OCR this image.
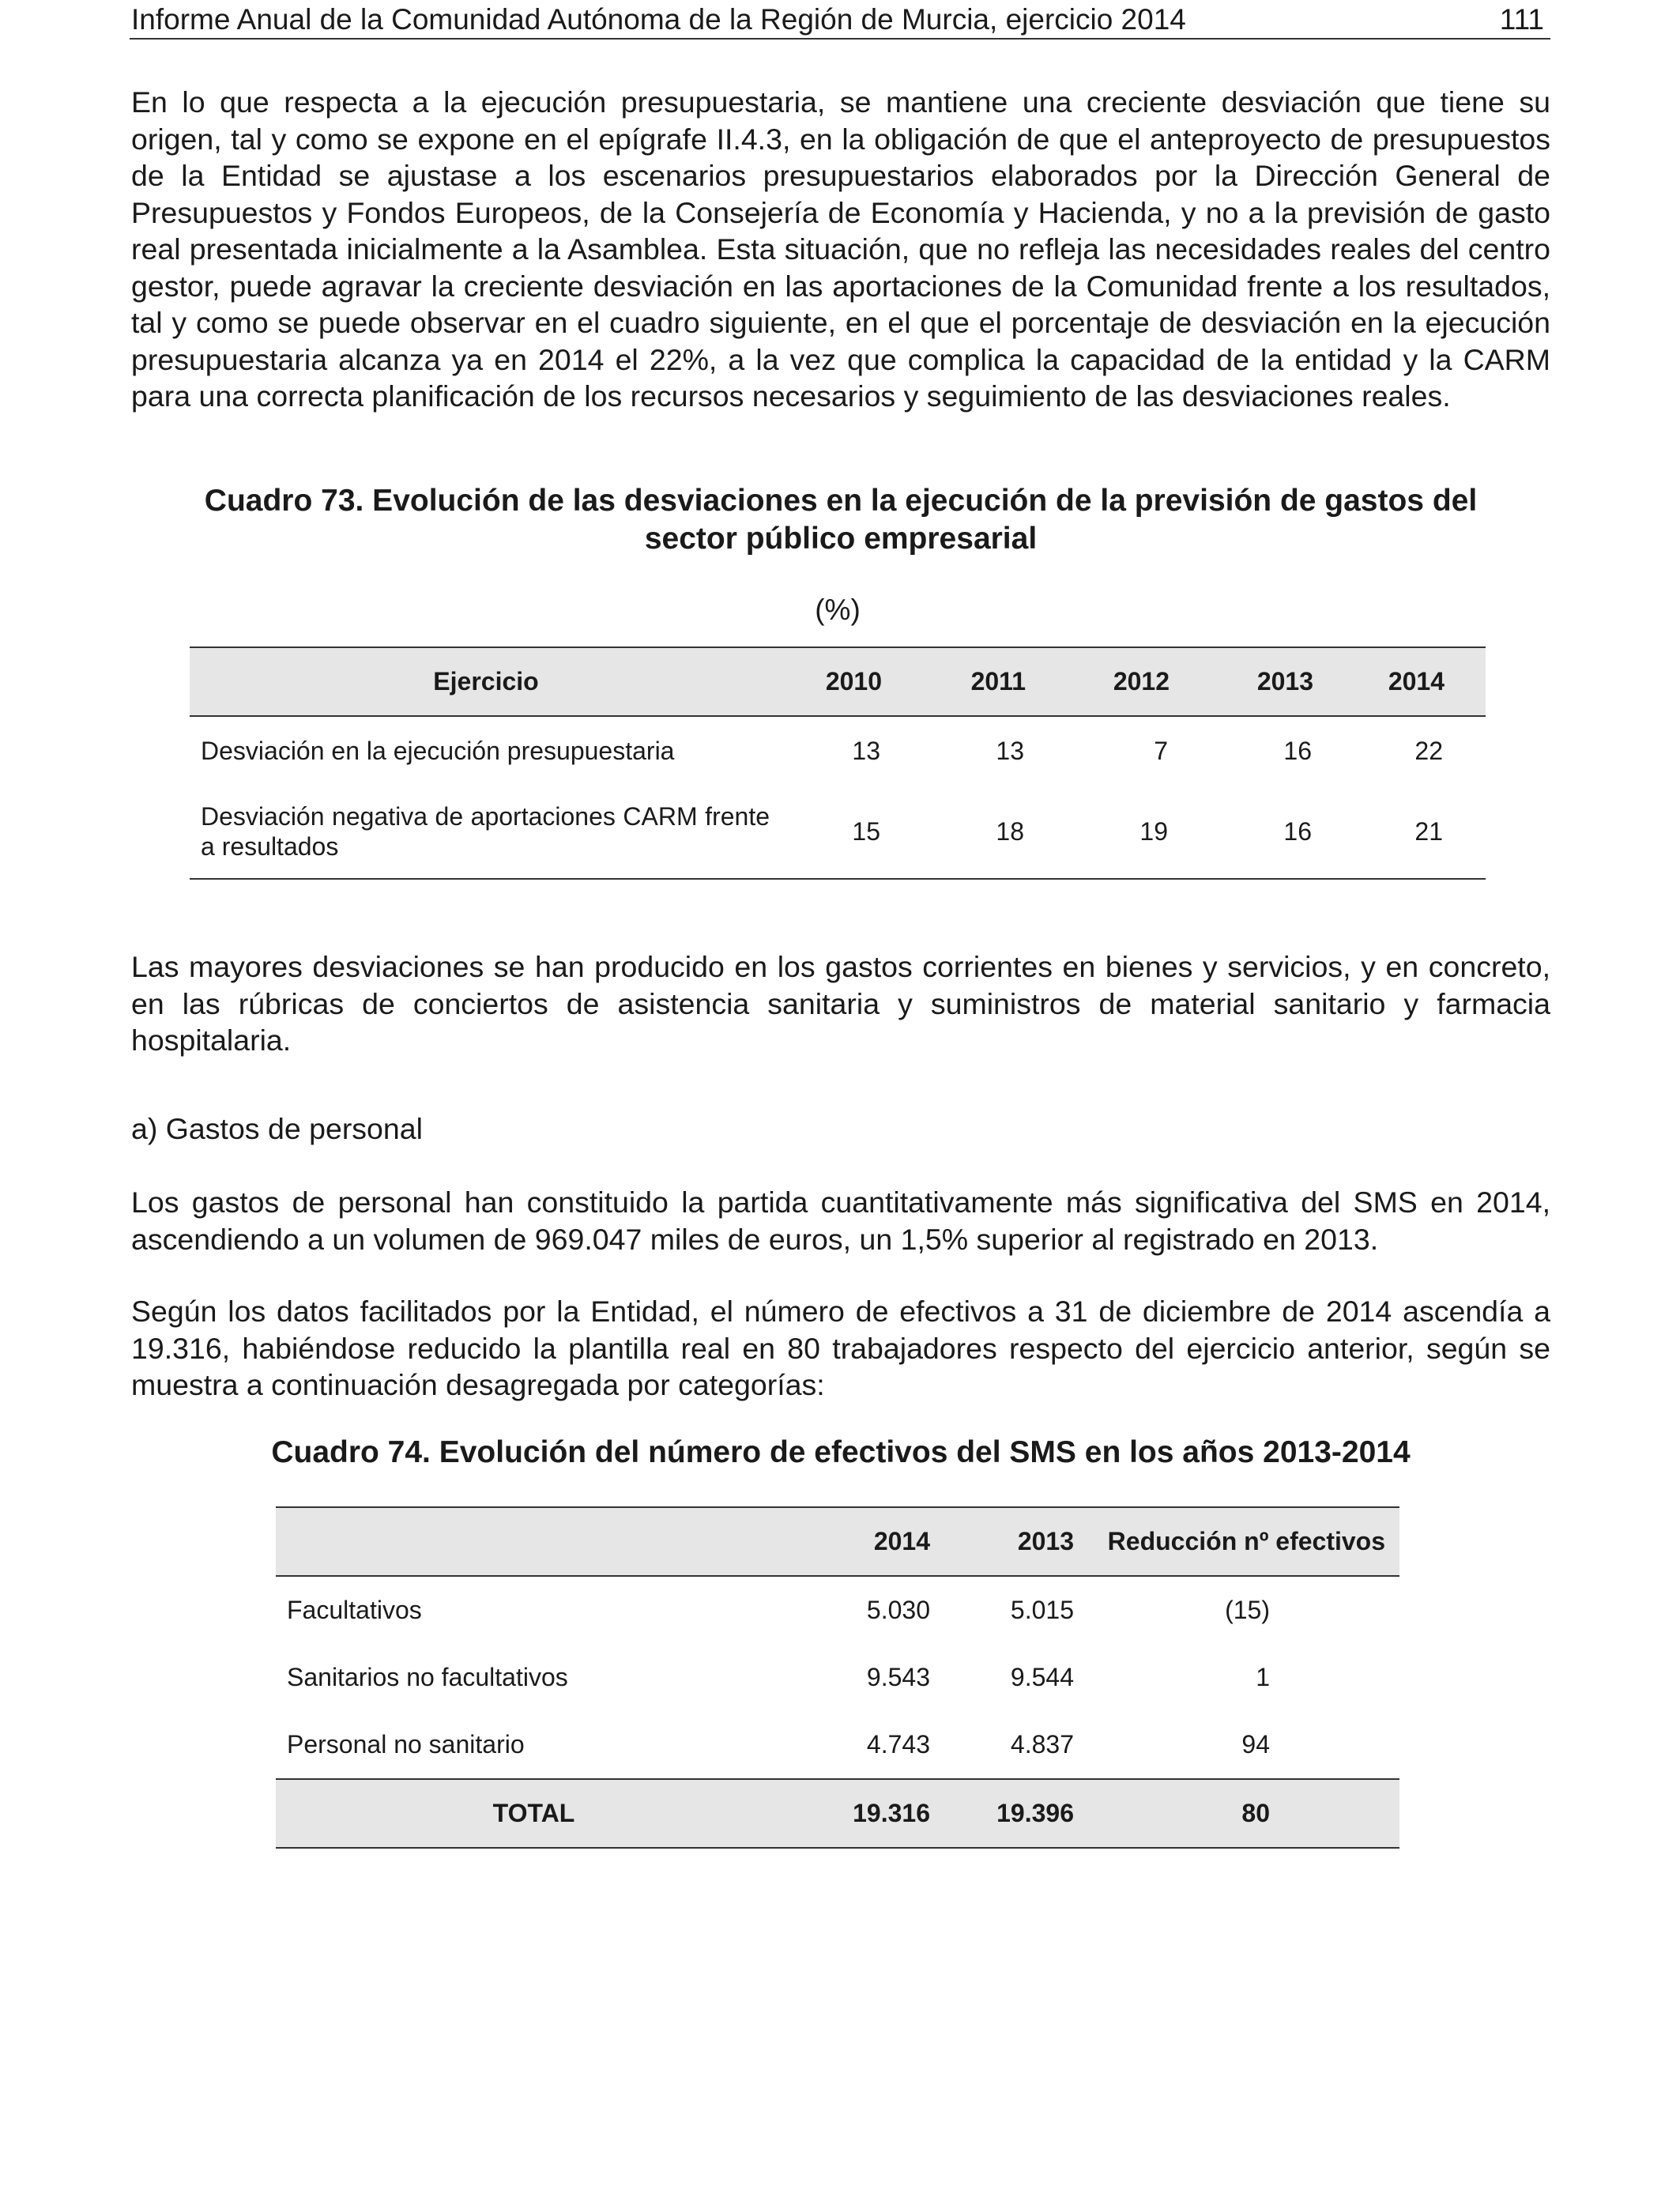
Informe Anual de la Comunidad Autónoma de la Región de Murcia, ejercicio 2014	111

En lo que respecta a la ejecución presupuestaria, se mantiene una creciente desviación que tiene su origen, tal y como se expone en el epígrafe II.4.3, en la obligación de que el anteproyecto de presupuestos de la Entidad se ajustase a los escenarios presupuestarios elaborados por la Dirección General de Presupuestos y Fondos Europeos, de la Consejería de Economía y Hacienda, y no a la previsión de gasto real presentada inicialmente a la Asamblea. Esta situación, que no refleja las necesidades reales del centro gestor, puede agravar la creciente desviación en las aportaciones de la Comunidad frente a los resultados, tal y como se puede observar en el cuadro siguiente, en el que el porcentaje de desviación en la ejecución presupuestaria alcanza ya en 2014 el 22%, a la vez que complica la capacidad de la entidad y la CARM para una correcta planificación de los recursos necesarios y seguimiento de las desviaciones reales.

Cuadro 73. Evolución de las desviaciones en la ejecución de la previsión de gastos del
sector público empresarial

(%)
Ejercicio	2010	2011	2012	2013	2014
Desviación en la ejecución presupuestaria	13	13	7	16	22
Desviación negativa de aportaciones CARM frente a resultados	15	18	19	16	21

Las mayores desviaciones se han producido en los gastos corrientes en bienes y servicios, y en concreto, en las rúbricas de conciertos de asistencia sanitaria y suministros de material sanitario y farmacia hospitalaria.

a) Gastos de personal

Los gastos de personal han constituido la partida cuantitativamente más significativa del SMS en 2014, ascendiendo a un volumen de 969.047 miles de euros, un 1,5% superior al registrado en 2013.

Según los datos facilitados por la Entidad, el número de efectivos a 31 de diciembre de 2014 ascendía a 19.316, habiéndose reducido la plantilla real en 80 trabajadores respecto del ejercicio anterior, según se muestra a continuación desagregada por categorías:

Cuadro 74. Evolución del número de efectivos del SMS en los años 2013-2014

	2014	2013	Reducción nº efectivos
Facultativos	5.030	5.015	(15)
Sanitarios no facultativos	9.543	9.544	1
Personal no sanitario	4.743	4.837	94
TOTAL	19.316	19.396	80
